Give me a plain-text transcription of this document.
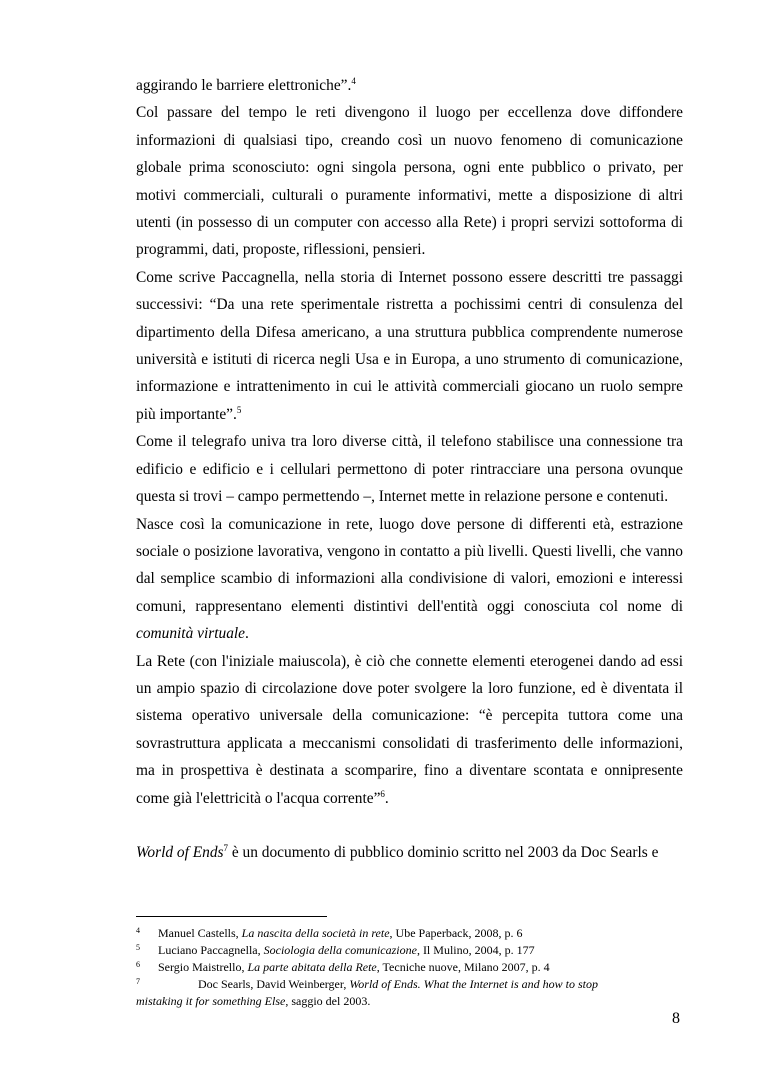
aggirando le barriere elettroniche”.$^4$

Col passare del tempo le reti divengono il luogo per eccellenza dove diffondere informazioni di qualsiasi tipo, creando così un nuovo fenomeno di comunicazione globale prima sconosciuto: ogni singola persona, ogni ente pubblico o privato, per motivi commerciali, culturali o puramente informativi, mette a disposizione di altri utenti (in possesso di un computer con accesso alla Rete) i propri servizi sottoforma di programmi, dati, proposte, riflessioni, pensieri.

Come scrive Paccagnella, nella storia di Internet possono essere descritti tre passaggi successivi: “Da una rete sperimentale ristretta a pochissimi centri di consulenza del dipartimento della Difesa americano, a una struttura pubblica comprendente numerose università e istituti di ricerca negli Usa e in Europa, a uno strumento di comunicazione, informazione e intrattenimento in cui le attività commerciali giocano un ruolo sempre più importante”.$^5$

Come il telegrafo univa tra loro diverse città, il telefono stabilisce una connessione tra edificio e edificio e i cellulari permettono di poter rintracciare una persona ovunque questa si trovi – campo permettendo –, Internet mette in relazione persone e contenuti.

Nasce così la comunicazione in rete, luogo dove persone di differenti età, estrazione sociale o posizione lavorativa, vengono in contatto a più livelli. Questi livelli, che vanno dal semplice scambio di informazioni alla condivisione di valori, emozioni e interessi comuni, rappresentano elementi distintivi dell'entità oggi conosciuta col nome di comunità virtuale.

La Rete (con l'iniziale maiuscola), è ciò che connette elementi eterogenei dando ad essi un ampio spazio di circolazione dove poter svolgere la loro funzione, ed è diventata il sistema operativo universale della comunicazione: “è percepita tuttora come una sovrastruttura applicata a meccanismi consolidati di trasferimento delle informazioni, ma in prospettiva è destinata a scomparire, fino a diventare scontata e onnipresente come già l'elettricità o l'acqua corrente”$^6$.

World of Ends$^7$ è un documento di pubblico dominio scritto nel 2003 da Doc Searls e

4 Manuel Castells, La nascita della società in rete, Ube Paperback, 2008, p. 6
5 Luciano Paccagnella, Sociologia della comunicazione, Il Mulino, 2004, p. 177
6 Sergio Maistrello, La parte abitata della Rete, Tecniche nuove, Milano 2007, p. 4
7	Doc Searls, David Weinberger, World of Ends. What the Internet is and how to stop
mistaking it for something Else, saggio del 2003.
8
